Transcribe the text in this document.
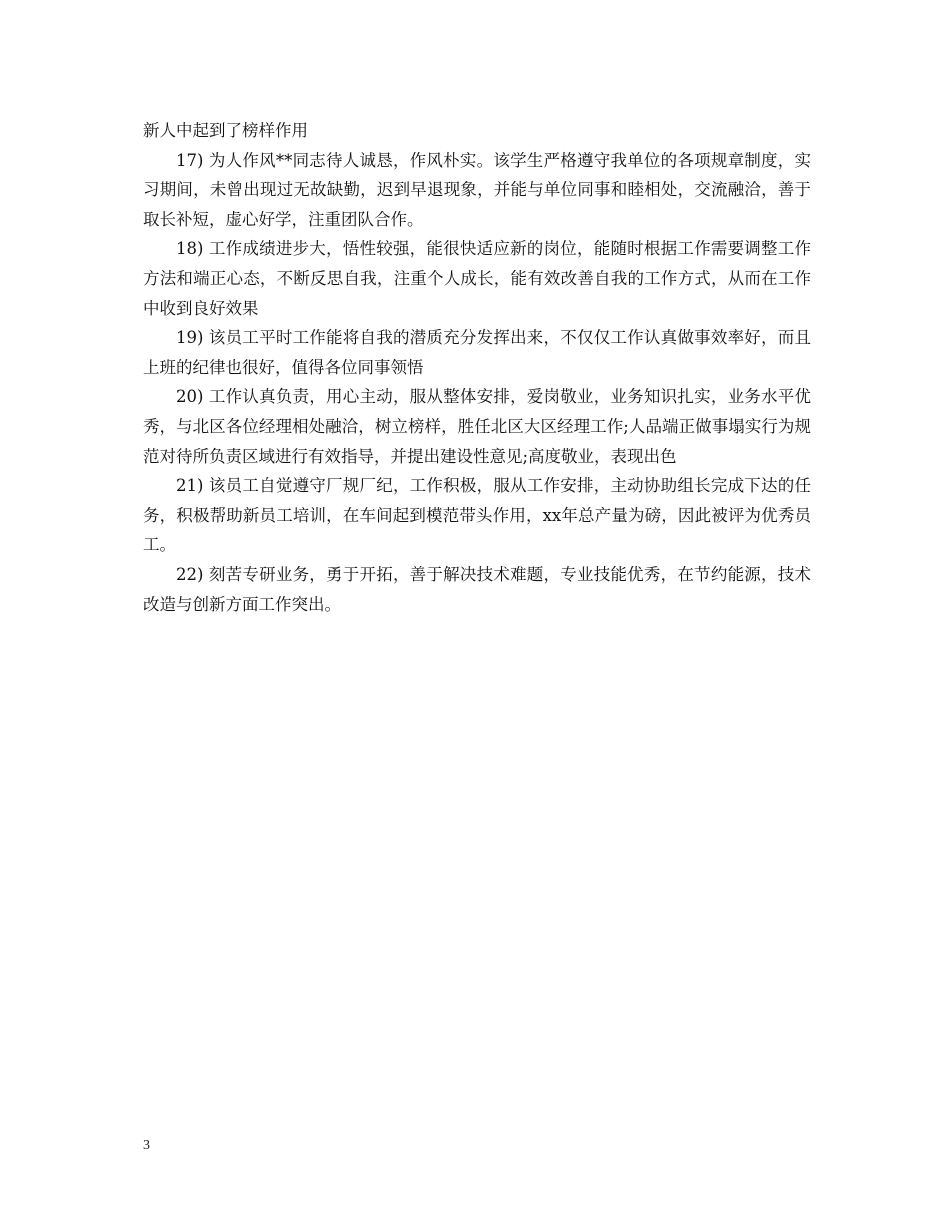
新人中起到了榜样作用

17) 为人作风**同志待人诚恳，作风朴实。该学生严格遵守我单位的各项规章制度，实习期间，未曾出现过无故缺勤，迟到早退现象，并能与单位同事和睦相处，交流融洽，善于取长补短，虚心好学，注重团队合作。

18) 工作成绩进步大，悟性较强，能很快适应新的岗位，能随时根据工作需要调整工作方法和端正心态，不断反思自我，注重个人成长，能有效改善自我的工作方式，从而在工作中收到良好效果

19) 该员工平时工作能将自我的潜质充分发挥出来，不仅仅工作认真做事效率好，而且上班的纪律也很好，值得各位同事领悟

20) 工作认真负责，用心主动，服从整体安排，爱岗敬业，业务知识扎实，业务水平优秀，与北区各位经理相处融洽，树立榜样，胜任北区大区经理工作;人品端正做事塌实行为规范对待所负责区域进行有效指导，并提出建设性意见;高度敬业，表现出色

21) 该员工自觉遵守厂规厂纪，工作积极，服从工作安排，主动协助组长完成下达的任务，积极帮助新员工培训，在车间起到模范带头作用，xx年总产量为磅，因此被评为优秀员工。

22) 刻苦专研业务，勇于开拓，善于解决技术难题，专业技能优秀，在节约能源，技术改造与创新方面工作突出。

3
